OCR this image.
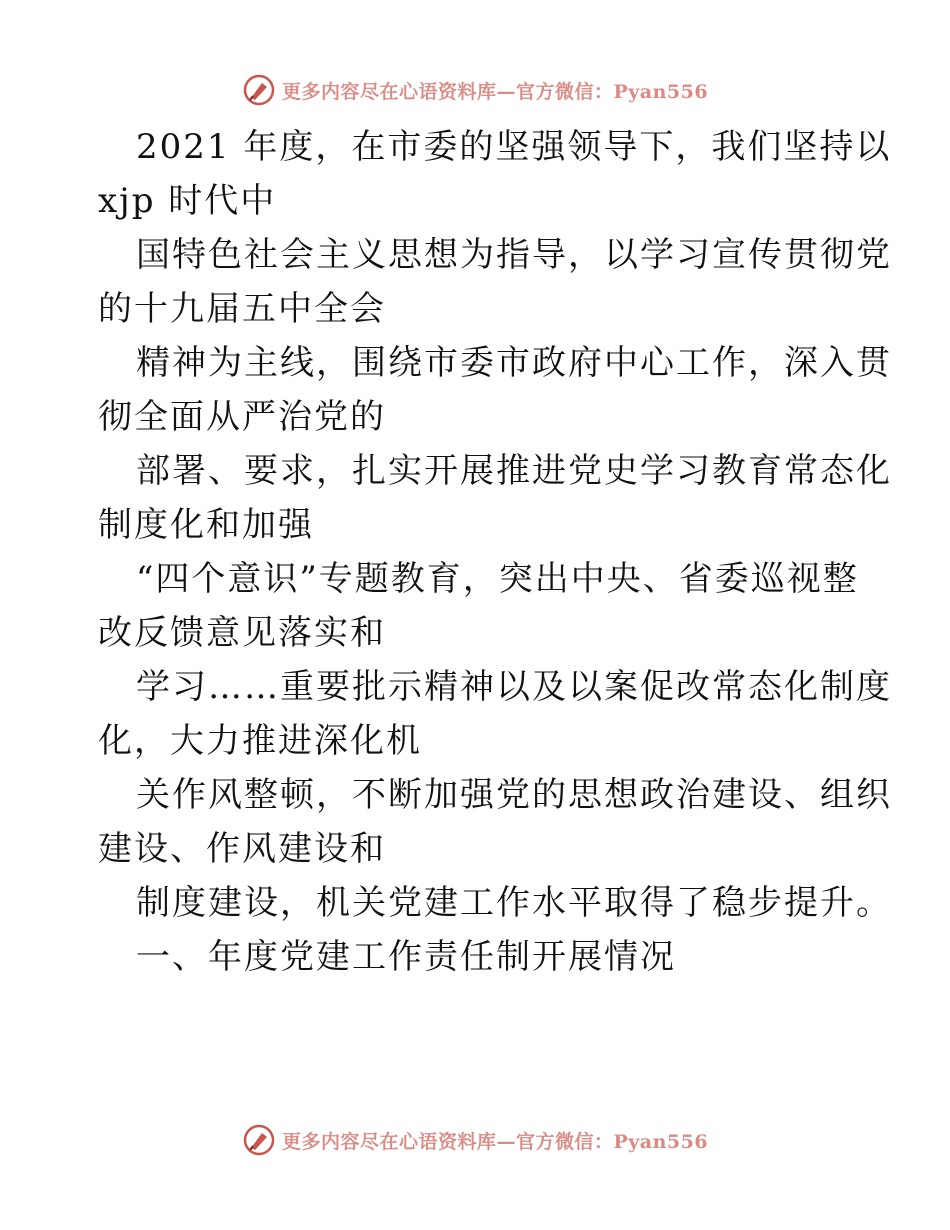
更多内容尽在心语资料库—官方微信：Pyan556
2021 年度，在市委的坚强领导下，我们坚持以
xjp 时代中
国特色社会主义思想为指导，以学习宣传贯彻党
的十九届五中全会
精神为主线，围绕市委市政府中心工作，深入贯
彻全面从严治党的
部署、要求，扎实开展推进党史学习教育常态化
制度化和加强
“四个意识”专题教育，突出中央、省委巡视整
改反馈意见落实和
学习……重要批示精神以及以案促改常态化制度
化，大力推进深化机
关作风整顿，不断加强党的思想政治建设、组织
建设、作风建设和
制度建设，机关党建工作水平取得了稳步提升。
一、年度党建工作责任制开展情况
更多内容尽在心语资料库—官方微信：Pyan556
